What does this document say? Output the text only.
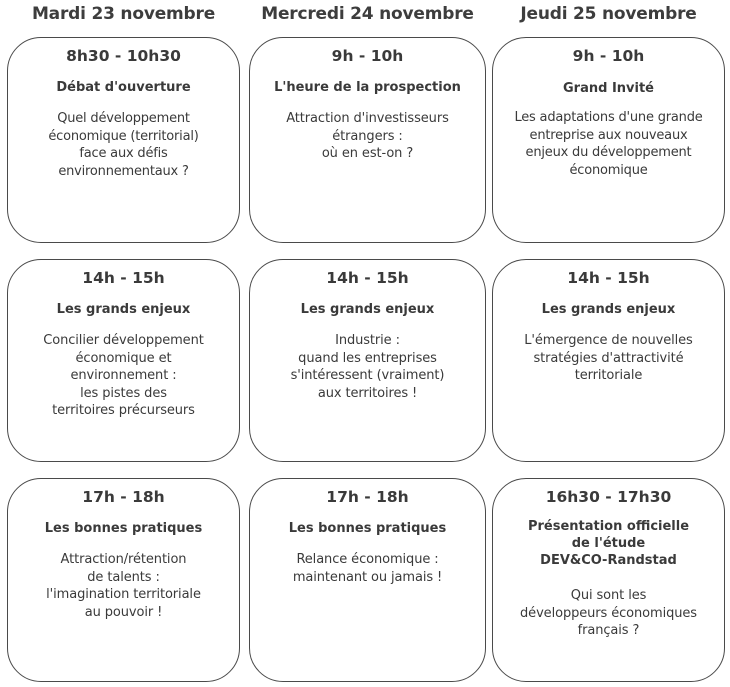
Mardi 23 novembre	Mercredi 24 novembre	Jeudi 25 novembre
8h30 - 10h30
Débat d'ouverture
Quel développement
économique (territorial)
face aux défis
environnementaux ?
14h - 15h
Les grands enjeux
Concilier développement
économique et
environnement :
les pistes des
territoires précurseurs
17h - 18h
Les bonnes pratiques
Attraction/rétention
de talents :
l'imagination territoriale
au pouvoir !
9h - 10h
L'heure de la prospection
Attraction d'investisseurs
étrangers :
où en est-on ?
14h - 15h
Les grands enjeux
Industrie :
quand les entreprises
s'intéressent (vraiment)
aux territoires !
17h - 18h
Les bonnes pratiques
Relance économique :
maintenant ou jamais !
9h - 10h
Grand Invité
Les adaptations d'une grande
entreprise aux nouveaux
enjeux du développement
économique
14h - 15h
Les grands enjeux
L'émergence de nouvelles
stratégies d'attractivité
territoriale
16h30 - 17h30
Présentation officielle
de l'étude
DEV&CO-Randstad
Qui sont les
développeurs économiques
français ?
